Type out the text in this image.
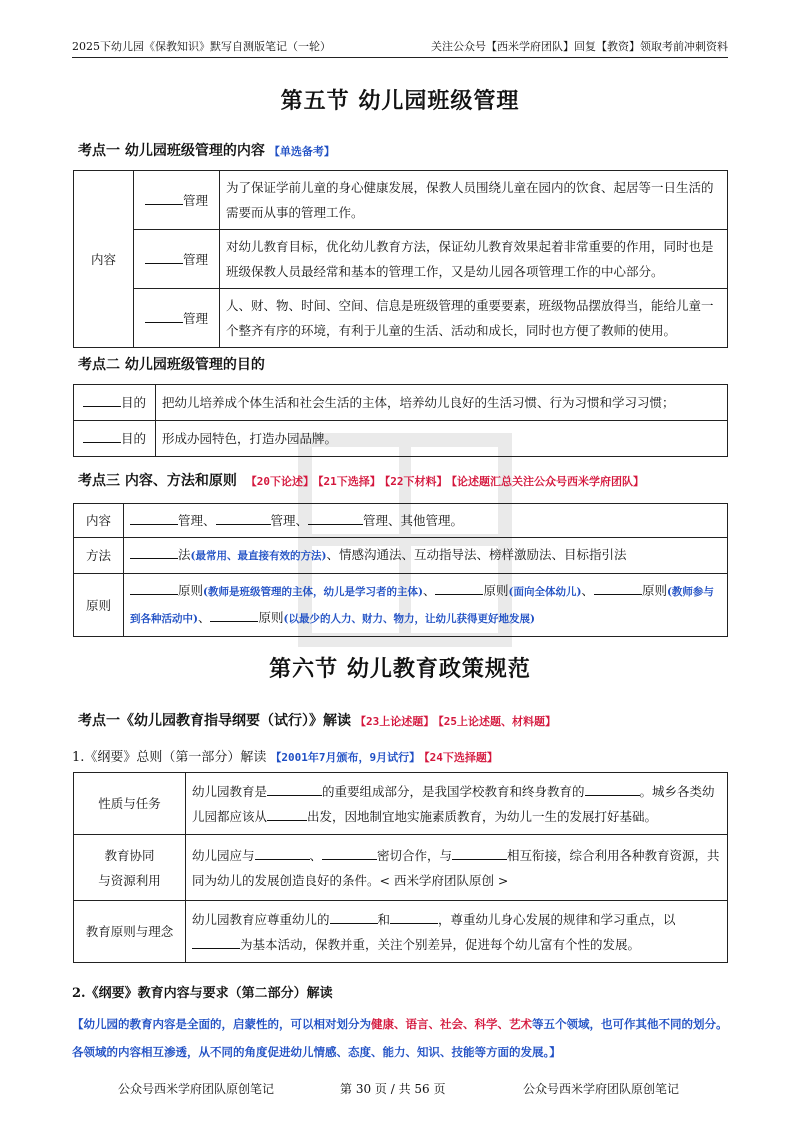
2025下幼儿园《保教知识》默写自测版笔记（一轮）	关注公众号【西米学府团队】回复【教资】领取考前冲刺资料
第五节 幼儿园班级管理

考点一 幼儿园班级管理的内容 【单选备考】

内容	管理	为了保证学前儿童的身心健康发展，保教人员围绕儿童在园内的饮食、起居等一日生活的需要而从事的管理工作。
	管理	对幼儿教育目标，优化幼儿教育方法，保证幼儿教育效果起着非常重要的作用，同时也是班级保教人员最经常和基本的管理工作，又是幼儿园各项管理工作的中心部分。
	管理	人、财、物、时间、空间、信息是班级管理的重要要素，班级物品摆放得当，能给儿童一个整齐有序的环境，有利于儿童的生活、活动和成长，同时也方便了教师的使用。

考点二 幼儿园班级管理的目的

目的	把幼儿培养成个体生活和社会生活的主体，培养幼儿良好的生活习惯、行为习惯和学习习惯；
目的	形成办园特色，打造办园品牌。

考点三 内容、方法和原则 【20下论述】 【21下选择】 【22下材料】 【论述题汇总关注公众号西米学府团队】

内容	管理、 管理、 管理、其他管理。
方法	法(最常用、最直接有效的方法)、情感沟通法、互动指导法、榜样激励法、目标指引法
原则	原则(教师是班级管理的主体，幼儿是学习者的主体)、 原则(面向全体幼儿)、 原则(教师参与到各种活动中)、 原则(以最少的人力、财力、物力，让幼儿获得更好地发展)
第六节 幼儿教育政策规范

考点一《幼儿园教育指导纲要（试行）》解读 【23上论述题】 【25上论述题、材料题】

1.《纲要》总则（第一部分）解读 【2001年7月颁布，9月试行】 【24下选择题】

性质与任务	幼儿园教育是 的重要组成部分，是我国学校教育和终身教育的 。城乡各类幼儿园都应该从 出发，因地制宜地实施素质教育，为幼儿一生的发展打好基础。
教育协同
与资源利用	幼儿园应与 、 密切合作，与 相互衔接，综合利用各种教育资源，共同为幼儿的发展创造良好的条件。< 西米学府团队原创 >
教育原则与理念	幼儿园教育应尊重幼儿的 和 ，尊重幼儿身心发展的规律和学习重点，以为基本活动，保教并重，关注个别差异，促进每个幼儿富有个性的发展。

2.《纲要》教育内容与要求（第二部分）解读

【幼儿园的教育内容是全面的，启蒙性的，可以相对划分为健康、语言、社会、科学、艺术等五个领域，也可作其他不同的划分。各领域的内容相互渗透，从不同的角度促进幼儿情感、态度、能力、知识、技能等方面的发展。】

公众号西米学府团队原创笔记	第 30 页 / 共 56 页	公众号西米学府团队原创笔记
